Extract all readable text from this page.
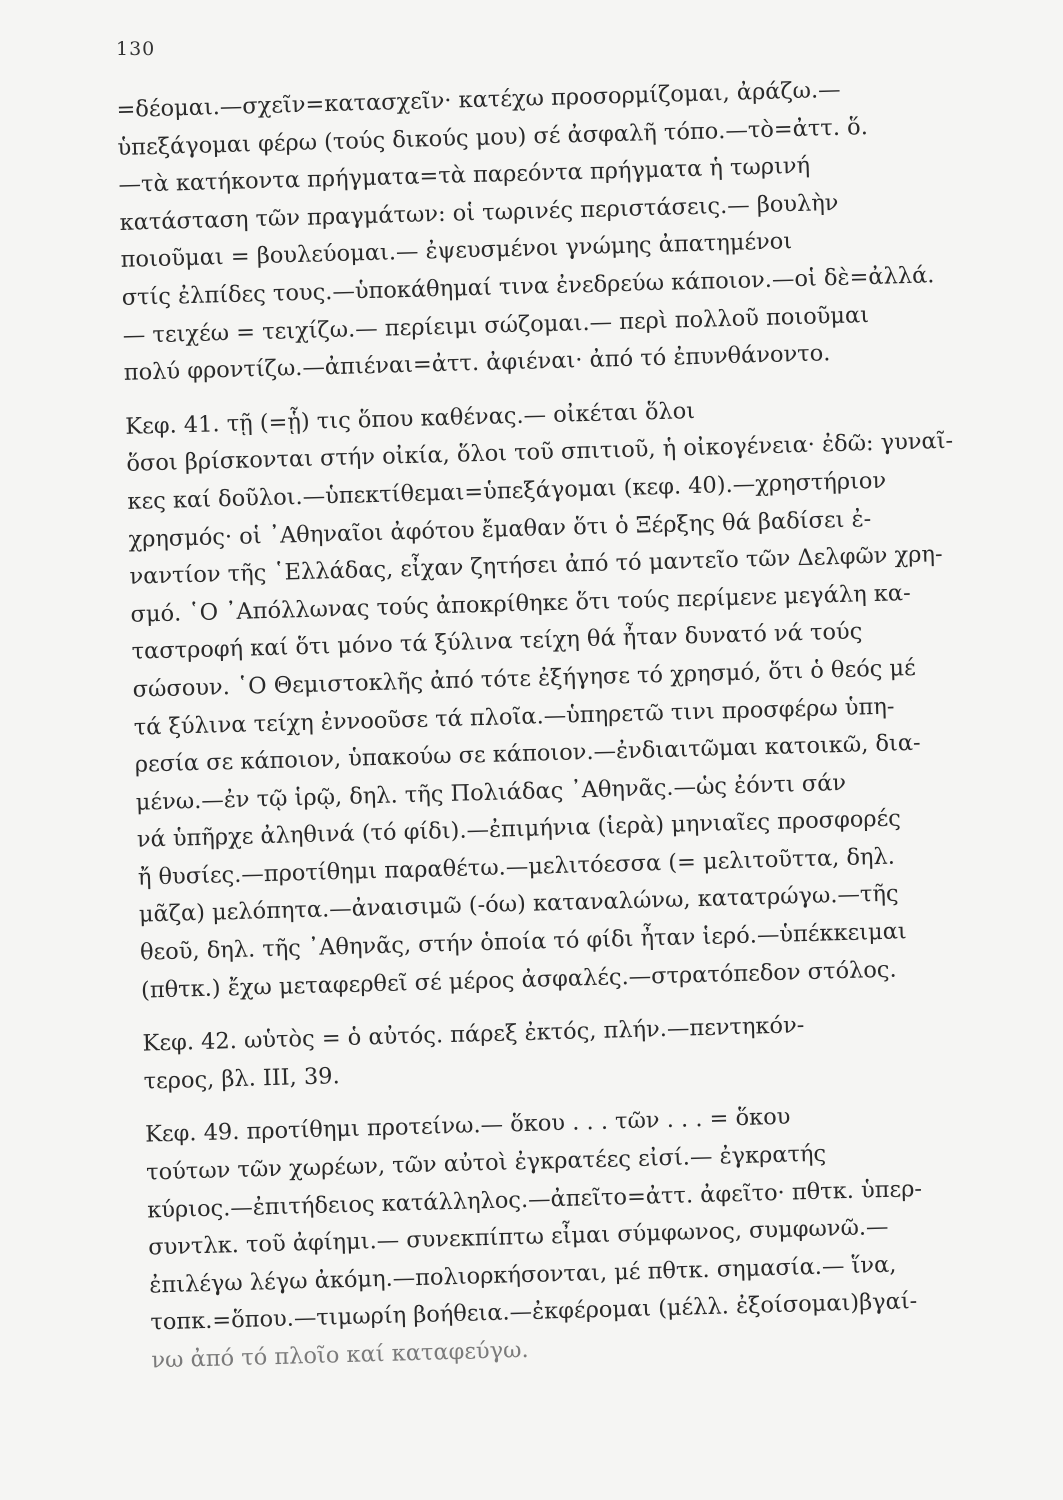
130
=δέομαι.—σχεῖν=κατασχεῖν· κατέχω προσορμίζομαι, ἀράζω.—
ὑπεξάγομαι φέρω (τούς δικούς μου) σέ ἀσφαλῆ τόπο.—τὸ=ἀττ. ὅ.
—τὰ κατήκοντα πρήγματα=τὰ παρεόντα πρήγματα ἡ τωρινή
κατάσταση τῶν πραγμάτων: οἱ τωρινές περιστάσεις.— βουλὴν
ποιοῦμαι = βουλεύομαι.— ἐψευσμένοι γνώμης ἀπατημένοι
στίς ἐλπίδες τους.—ὑποκάθημαί τινα ἐνεδρεύω κάποιον.—οἱ δὲ=ἀλλά.
— τειχέω = τειχίζω.— περίειμι σώζομαι.— περὶ πολλοῦ ποιοῦμαι
πολύ φροντίζω.—ἀπιέναι=ἀττ. ἀφιέναι· ἀπό τό ἐπυνθάνοντο.
Κεφ. 41. τῇ (=ᾗ) τις ὅπου καθένας.— οἰκέται ὅλοι
ὅσοι βρίσκονται στήν οἰκία, ὅλοι τοῦ σπιτιοῦ, ἡ οἰκογένεια· ἐδῶ: γυναῖ-
κες καί δοῦλοι.—ὑπεκτίθεμαι=ὑπεξάγομαι (κεφ. 40).—χρηστήριον
χρησμός· οἱ ᾿Αθηναῖοι ἀφότου ἔμαθαν ὅτι ὁ Ξέρξης θά βαδίσει ἐ-
ναντίον τῆς ῾Ελλάδας, εἶχαν ζητήσει ἀπό τό μαντεῖο τῶν Δελφῶν χρη-
σμό. ῾Ο ᾿Απόλλωνας τούς ἀποκρίθηκε ὅτι τούς περίμενε μεγάλη κα-
ταστροφή καί ὅτι μόνο τά ξύλινα τείχη θά ἦταν δυνατό νά τούς
σώσουν. ῾Ο Θεμιστοκλῆς ἀπό τότε ἐξήγησε τό χρησμό, ὅτι ὁ θεός μέ
τά ξύλινα τείχη ἐννοοῦσε τά πλοῖα.—ὑπηρετῶ τινι προσφέρω ὑπη-
ρεσία σε κάποιον, ὑπακούω σε κάποιον.—ἐνδιαιτῶμαι κατοικῶ, δια-
μένω.—ἐν τῷ ἱρῷ, δηλ. τῆς Πολιάδας ᾿Αθηνᾶς.—ὡς ἐόντι σάν
νά ὑπῆρχε ἀληθινά (τό φίδι).—ἐπιμήνια (ἱερὰ) μηνιαῖες προσφορές
ἤ θυσίες.—προτίθημι παραθέτω.—μελιτόεσσα (= μελιτοῦττα, δηλ.
μᾶζα) μελόπητα.—ἀναισιμῶ (-όω) καταναλώνω, κατατρώγω.—τῆς
θεοῦ, δηλ. τῆς ᾿Αθηνᾶς, στήν ὁποία τό φίδι ἦταν ἱερό.—ὑπέκκειμαι
(πθτκ.) ἔχω μεταφερθεῖ σέ μέρος ἀσφαλές.—στρατόπεδον στόλος.
Κεφ. 42. ωὑτὸς = ὁ αὐτός. πάρεξ ἐκτός, πλήν.—πεντηκόν-
τερος, βλ. ΙΙΙ, 39.
Κεφ. 49. προτίθημι προτείνω.— ὅκου . . . τῶν . . . = ὅκου
τούτων τῶν χωρέων, τῶν αὐτοὶ ἐγκρατέες εἰσί.— ἐγκρατής
κύριος.—ἐπιτήδειος κατάλληλος.—ἀπεῖτο=ἀττ. ἀφεῖτο· πθτκ. ὑπερ-
συντλκ. τοῦ ἀφίημι.— συνεκπίπτω εἶμαι σύμφωνος, συμφωνῶ.—
ἐπιλέγω λέγω ἀκόμη.—πολιορκήσονται, μέ πθτκ. σημασία.— ἵνα,
τοπκ.=ὅπου.—τιμωρίη βοήθεια.—ἐκφέρομαι (μέλλ. ἐξοίσομαι)βγαί-
νω ἀπό τό πλοῖο καί καταφεύγω.
